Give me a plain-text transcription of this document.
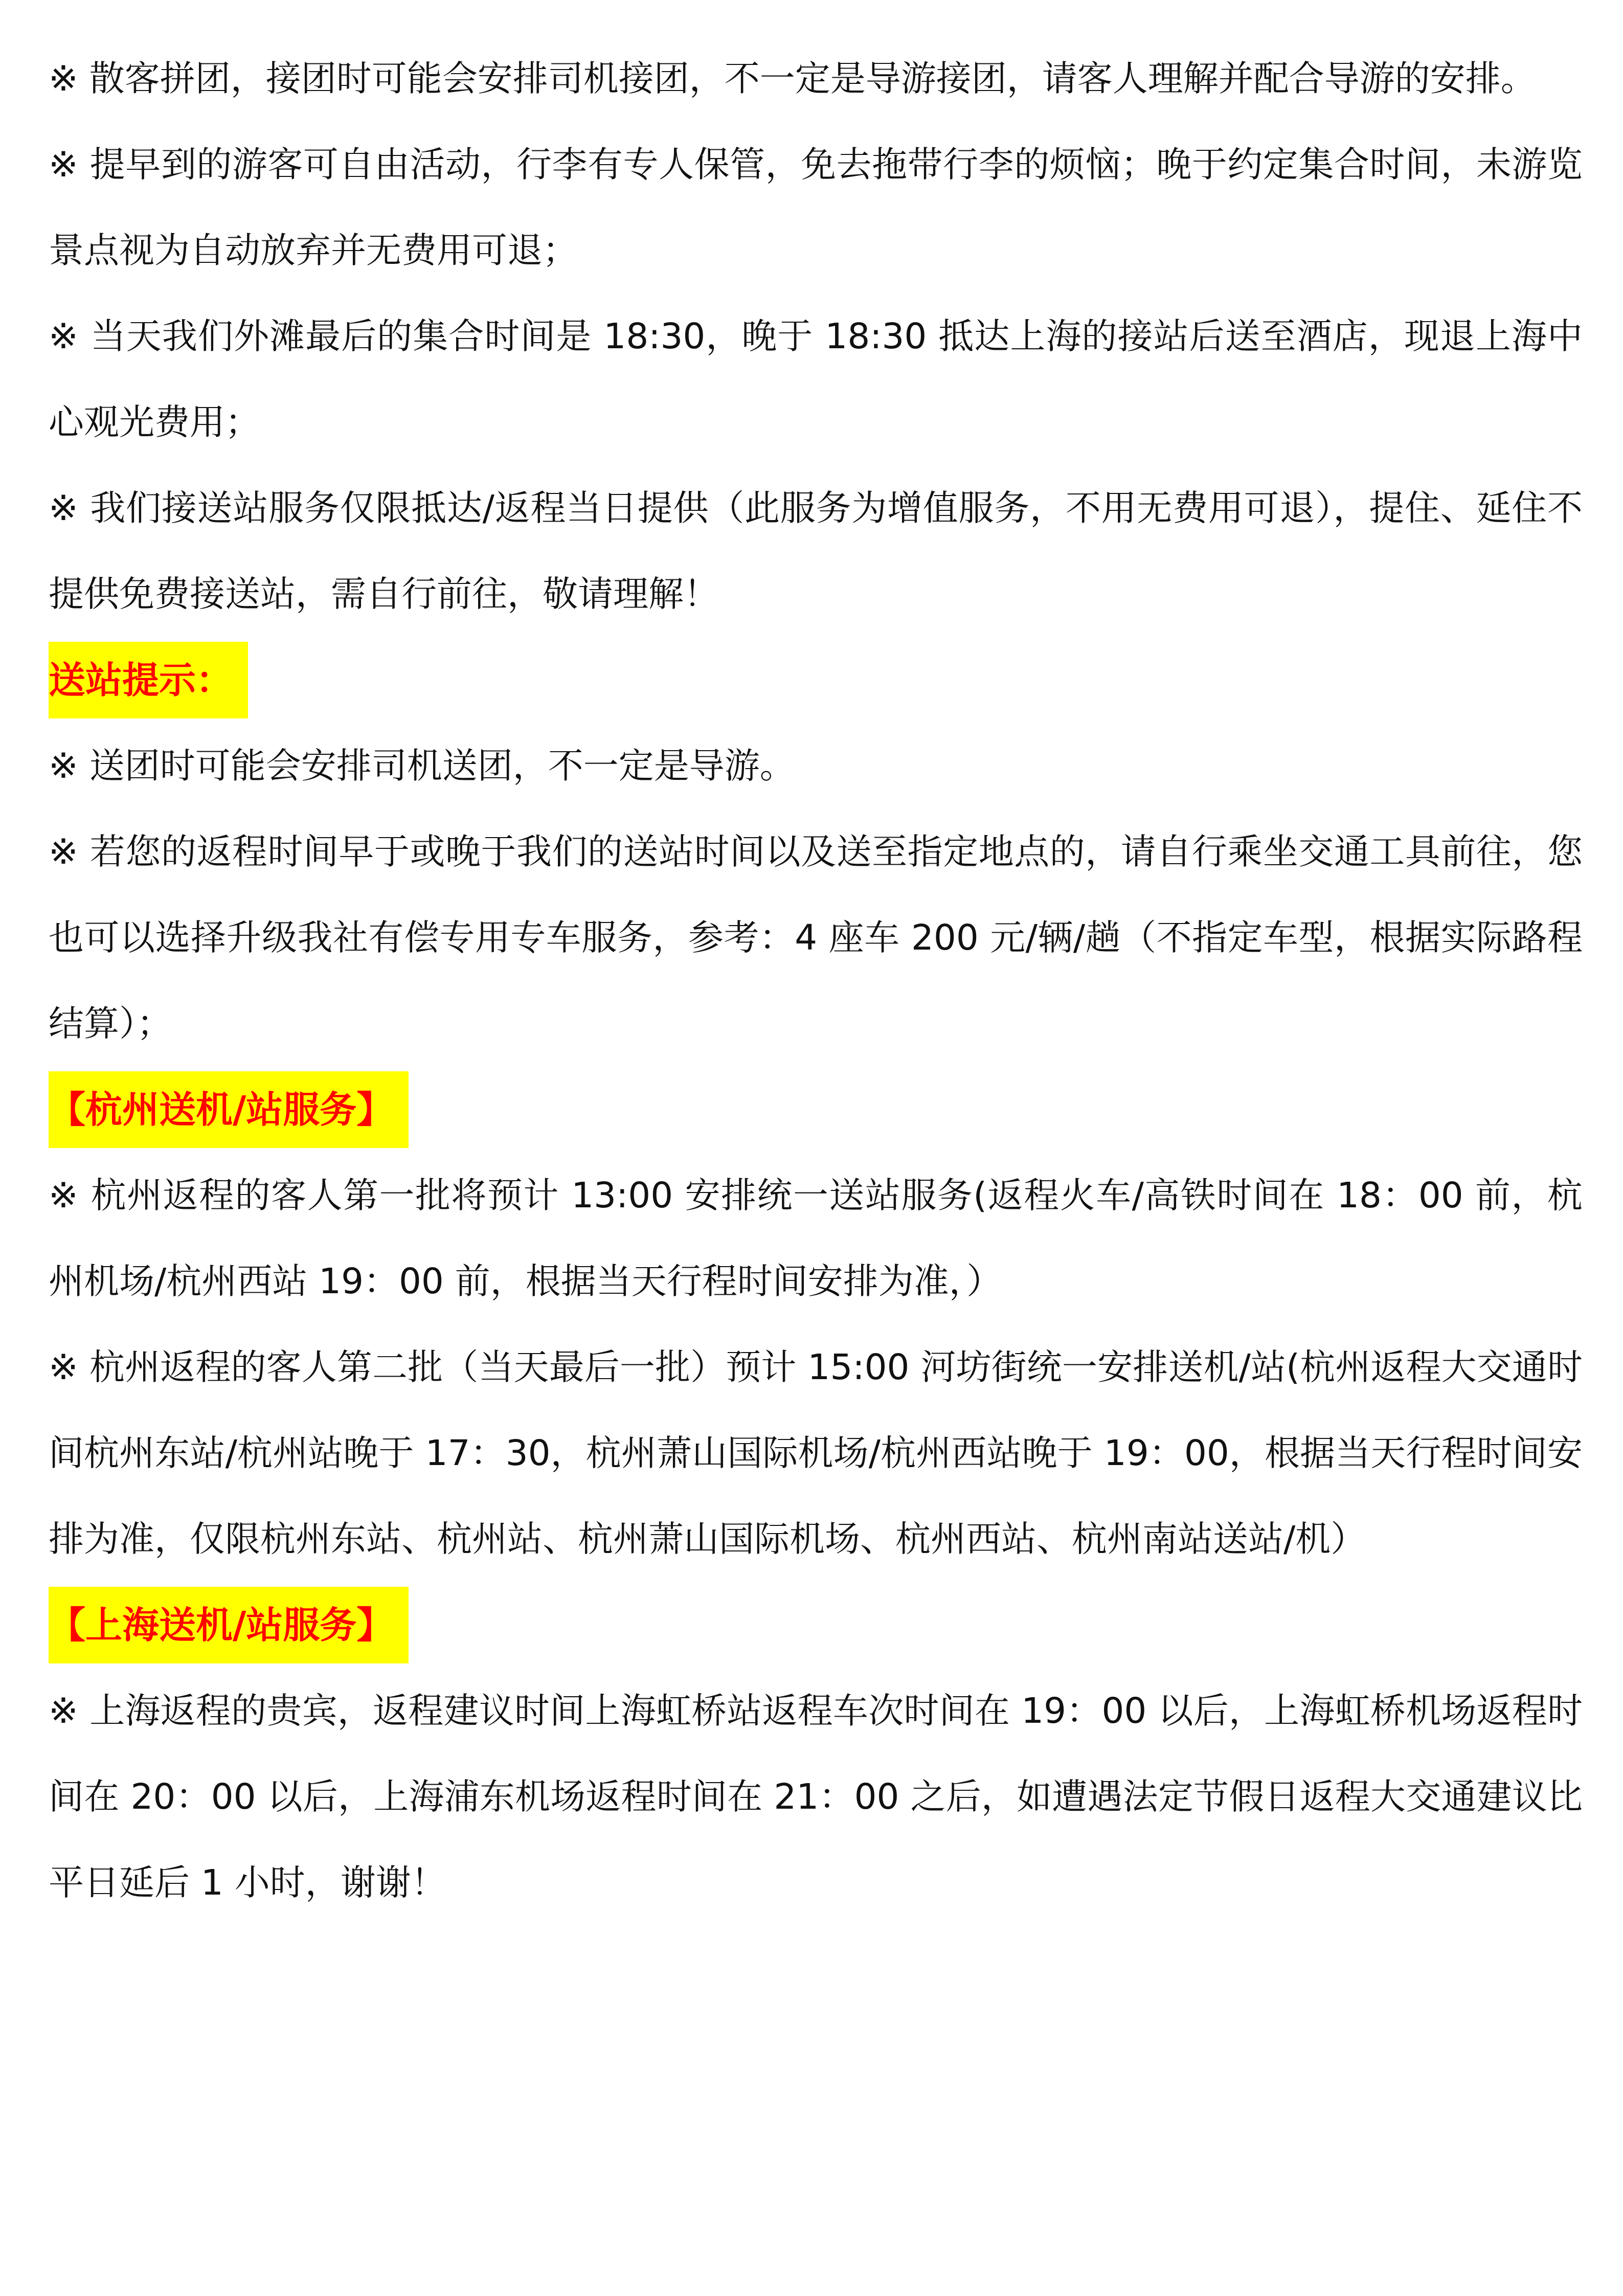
※ 散客拼团，接团时可能会安排司机接团，不一定是导游接团，请客人理解并配合导游的安排。

※ 提早到的游客可自由活动，行李有专人保管，免去拖带行李的烦恼；晚于约定集合时间，未游览景点视为自动放弃并无费用可退；

※ 当天我们外滩最后的集合时间是 18:30，晚于 18:30 抵达上海的接站后送至酒店，现退上海中心观光费用；

※ 我们接送站服务仅限抵达/返程当日提供（此服务为增值服务，不用无费用可退），提住、延住不提供免费接送站，需自行前往，敬请理解！

送站提示：

※ 送团时可能会安排司机送团，不一定是导游。

※ 若您的返程时间早于或晚于我们的送站时间以及送至指定地点的，请自行乘坐交通工具前往，您也可以选择升级我社有偿专用专车服务，参考：4 座车 200 元/辆/趟（不指定车型，根据实际路程结算）；

【杭州送机/站服务】

※ 杭州返程的客人第一批将预计 13:00 安排统一送站服务(返程火车/高铁时间在 18：00 前，杭州机场/杭州西站 19：00 前，根据当天行程时间安排为准，）

※ 杭州返程的客人第二批（当天最后一批）预计 15:00 河坊街统一安排送机/站(杭州返程大交通时间杭州东站/杭州站晚于 17：30，杭州萧山国际机场/杭州西站晚于 19：00，根据当天行程时间安排为准，仅限杭州东站、杭州站、杭州萧山国际机场、杭州西站、杭州南站送站/机）

【上海送机/站服务】

※ 上海返程的贵宾，返程建议时间上海虹桥站返程车次时间在 19：00 以后，上海虹桥机场返程时间在 20：00 以后，上海浦东机场返程时间在 21：00 之后，如遭遇法定节假日返程大交通建议比平日延后 1 小时，谢谢！
